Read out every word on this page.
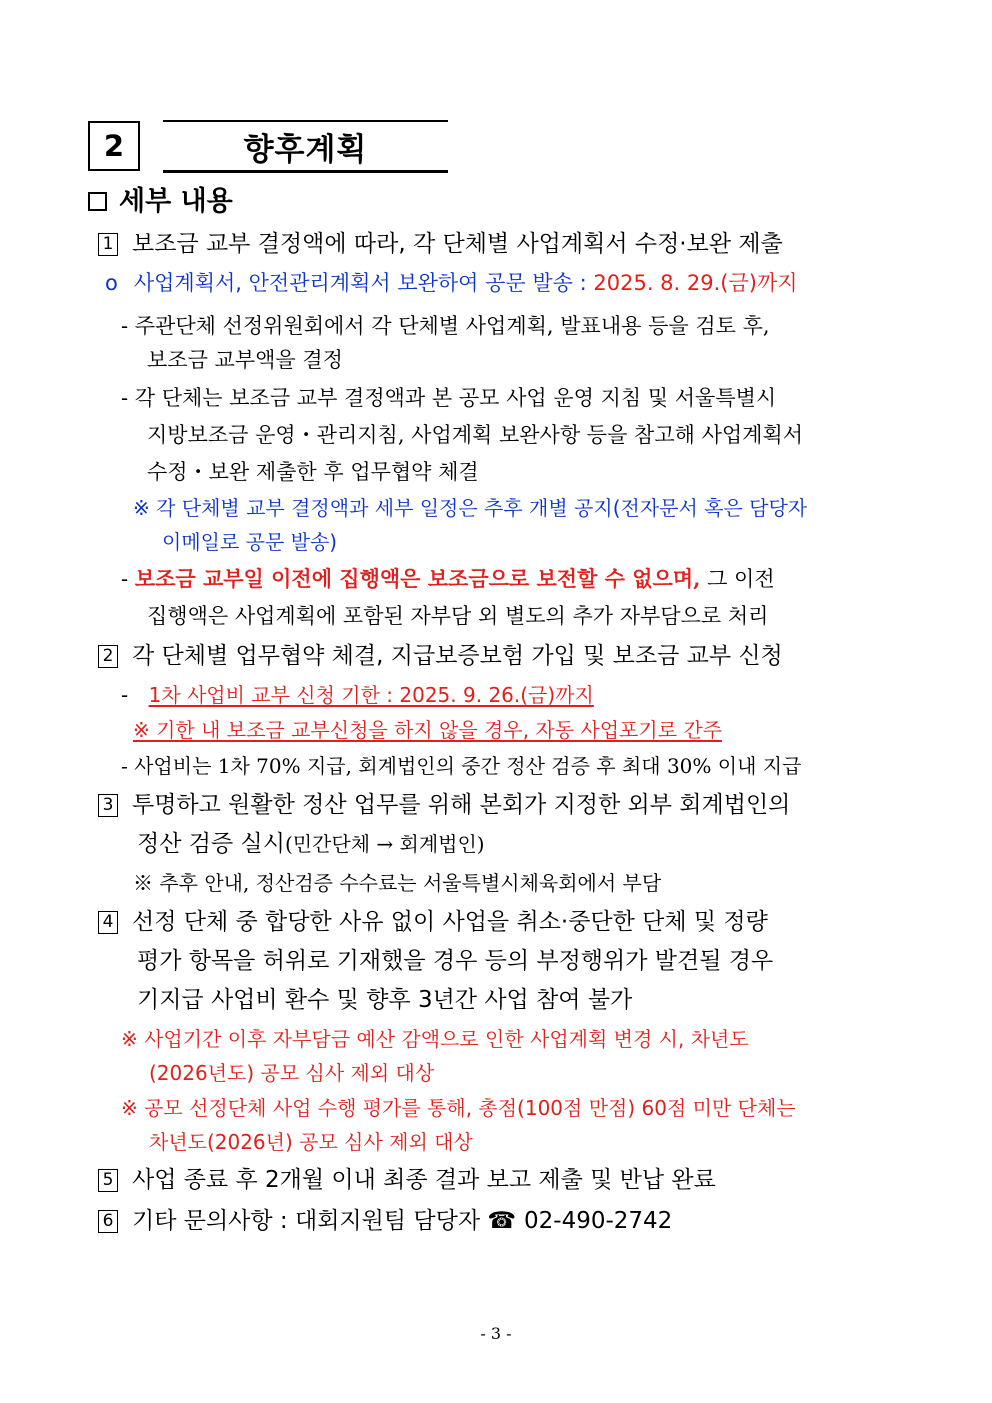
2	향후계획
세부 내용
1 보조금 교부 결정액에 따라, 각 단체별 사업계획서 수정·보완 제출
o 사업계획서, 안전관리계획서 보완하여 공문 발송 : 2025. 8. 29.(금)까지
- 주관단체 선정위원회에서 각 단체별 사업계획, 발표내용 등을 검토 후,
보조금 교부액을 결정
- 각 단체는 보조금 교부 결정액과 본 공모 사업 운영 지침 및 서울특별시
지방보조금 운영・관리지침, 사업계획 보완사항 등을 참고해 사업계획서
수정・보완 제출한 후 업무협약 체결
※ 각 단체별 교부 결정액과 세부 일정은 추후 개별 공지(전자문서 혹은 담당자
이메일로 공문 발송)
- 보조금 교부일 이전에 집행액은 보조금으로 보전할 수 없으며, 그 이전
집행액은 사업계획에 포함된 자부담 외 별도의 추가 자부담으로 처리
2 각 단체별 업무협약 체결, 지급보증보험 가입 및 보조금 교부 신청
- 1차 사업비 교부 신청 기한 : 2025. 9. 26.(금)까지
※ 기한 내 보조금 교부신청을 하지 않을 경우, 자동 사업포기로 간주
- 사업비는 1차 70% 지급, 회계법인의 중간 정산 검증 후 최대 30% 이내 지급
3 투명하고 원활한 정산 업무를 위해 본회가 지정한 외부 회계법인의
정산 검증 실시(민간단체 → 회계법인)
※ 추후 안내, 정산검증 수수료는 서울특별시체육회에서 부담
4 선정 단체 중 합당한 사유 없이 사업을 취소·중단한 단체 및 정량
평가 항목을 허위로 기재했을 경우 등의 부정행위가 발견될 경우
기지급 사업비 환수 및 향후 3년간 사업 참여 불가
※ 사업기간 이후 자부담금 예산 감액으로 인한 사업계획 변경 시, 차년도
(2026년도) 공모 심사 제외 대상
※ 공모 선정단체 사업 수행 평가를 통해, 총점(100점 만점) 60점 미만 단체는
차년도(2026년) 공모 심사 제외 대상
5 사업 종료 후 2개월 이내 최종 결과 보고 제출 및 반납 완료
6 기타 문의사항 : 대회지원팀 담당자 ☎ 02-490-2742
- 3 -
